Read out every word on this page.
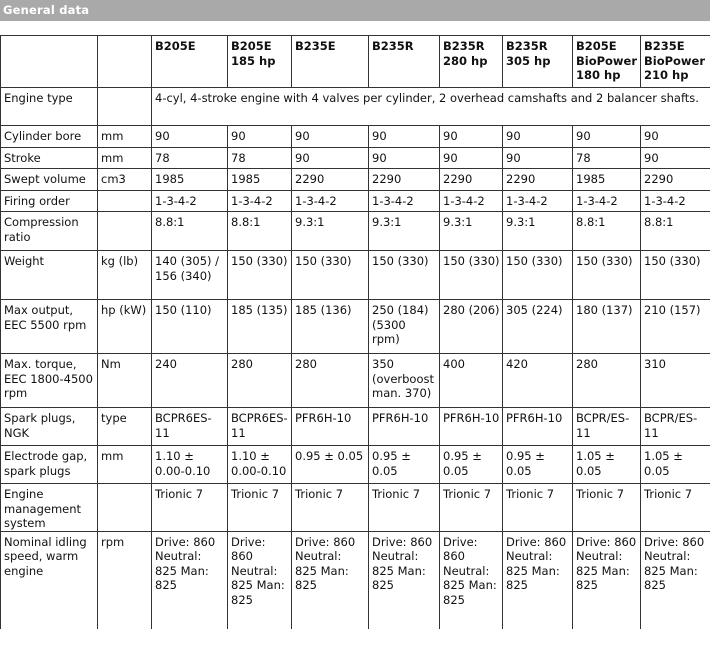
General data
		B205E	B205E 185 hp	B235E	B235R	B235R 280 hp	B235R 305 hp	B205E BioPower 180 hp	B235E BioPower 210 hp
Engine type		4-cyl, 4-stroke engine with 4 valves per cylinder, 2 overhead camshafts and 2 balancer shafts.							
Cylinder bore	mm	90	90	90	90	90	90	90	90
Stroke	mm	78	78	90	90	90	90	78	90
Swept volume	cm3	1985	1985	2290	2290	2290	2290	1985	2290
Firing order		1-3-4-2	1-3-4-2	1-3-4-2	1-3-4-2	1-3-4-2	1-3-4-2	1-3-4-2	1-3-4-2
Compression ratio		8.8:1	8.8:1	9.3:1	9.3:1	9.3:1	9.3:1	8.8:1	8.8:1
Weight	kg (lb)	140 (305) / 156 (340)	150 (330)	150 (330)	150 (330)	150 (330)	150 (330)	150 (330)	150 (330)
Max output, EEC 5500 rpm	hp (kW)	150 (110)	185 (135)	185 (136)	250 (184) (5300 rpm)	280 (206)	305 (224)	180 (137)	210 (157)
Max. torque, EEC 1800-4500 rpm	Nm	240	280	280	350 (overboost man. 370)	400	420	280	310
Spark plugs, NGK	type	BCPR6ES-11	BCPR6ES-11	PFR6H-10	PFR6H-10	PFR6H-10	PFR6H-10	BCPR/ES-11	BCPR/ES-11
Electrode gap, spark plugs	mm	1.10 ± 0.00-0.10	1.10 ± 0.00-0.10	0.95 ± 0.05	0.95 ± 0.05	0.95 ± 0.05	0.95 ± 0.05	1.05 ± 0.05	1.05 ± 0.05
Engine management system		Trionic 7	Trionic 7	Trionic 7	Trionic 7	Trionic 7	Trionic 7	Trionic 7	Trionic 7
Nominal idling speed, warm engine	rpm	Drive: 860 Neutral: 825 Man: 825	Drive: 860 Neutral: 825 Man: 825	Drive: 860 Neutral: 825 Man: 825	Drive: 860 Neutral: 825 Man: 825	Drive: 860 Neutral: 825 Man: 825	Drive: 860 Neutral: 825 Man: 825	Drive: 860 Neutral: 825 Man: 825	Drive: 860 Neutral: 825 Man: 825
